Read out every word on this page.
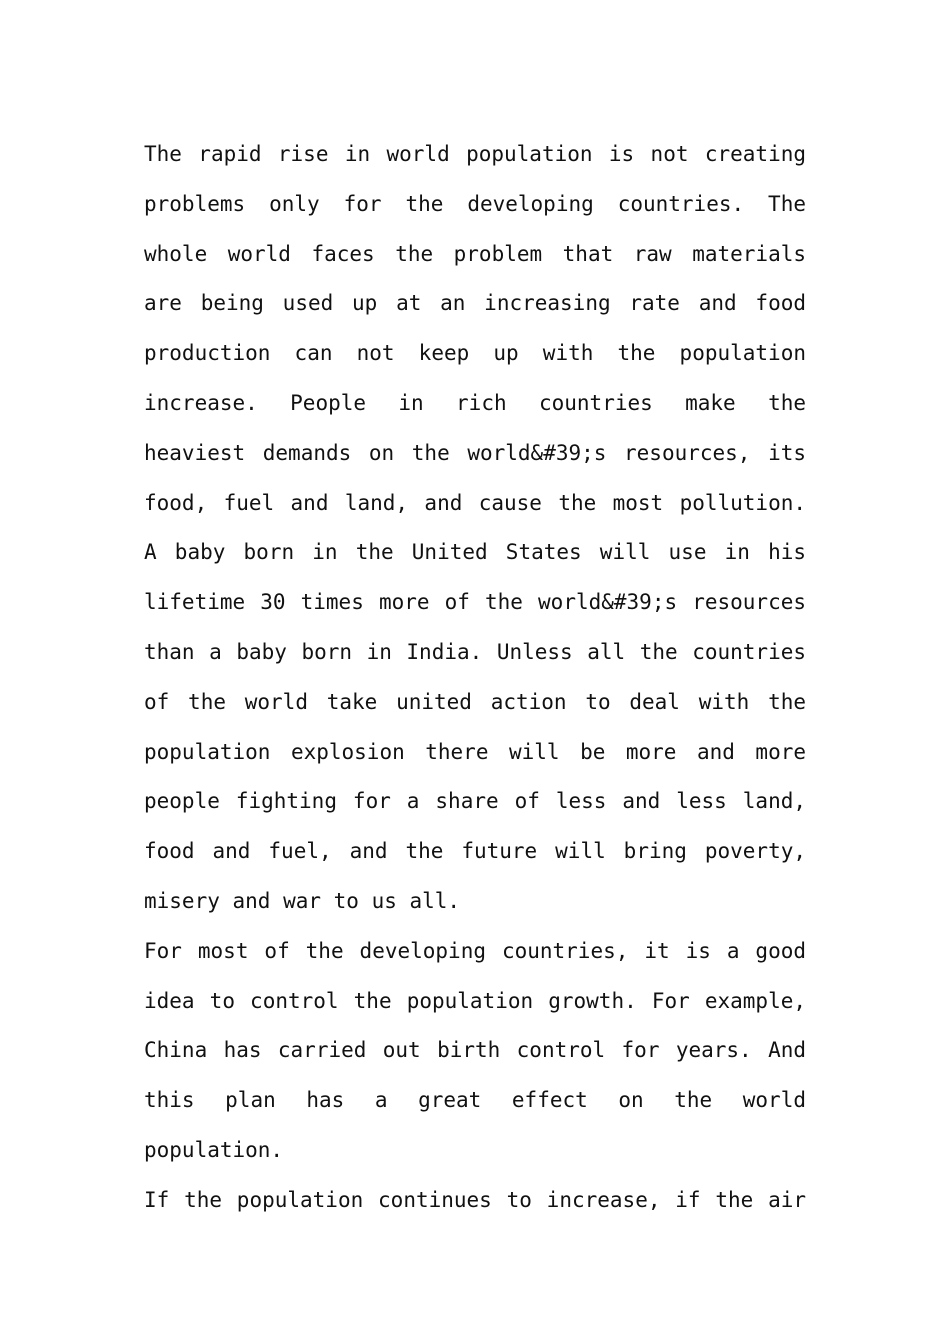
The rapid rise in world population is not creating
problems only for the developing countries. The
whole world faces the problem that raw materials
are being used up at an increasing rate and food
production can not keep up with the population
increase. People in rich countries make the
heaviest demands on the world&#39;s resources, its
food, fuel and land, and cause the most pollution.
A baby born in the United States will use in his
lifetime 30 times more of the world&#39;s resources
than a baby born in India. Unless all the countries
of the world take united action to deal with the
population explosion there will be more and more
people fighting for a share of less and less land,
food and fuel, and the future will bring poverty,
misery and war to us all.
For most of the developing countries, it is a good
idea to control the population growth. For example,
China has carried out birth control for years. And
this plan has a great effect on the world
population.
If the population continues to increase, if the air
